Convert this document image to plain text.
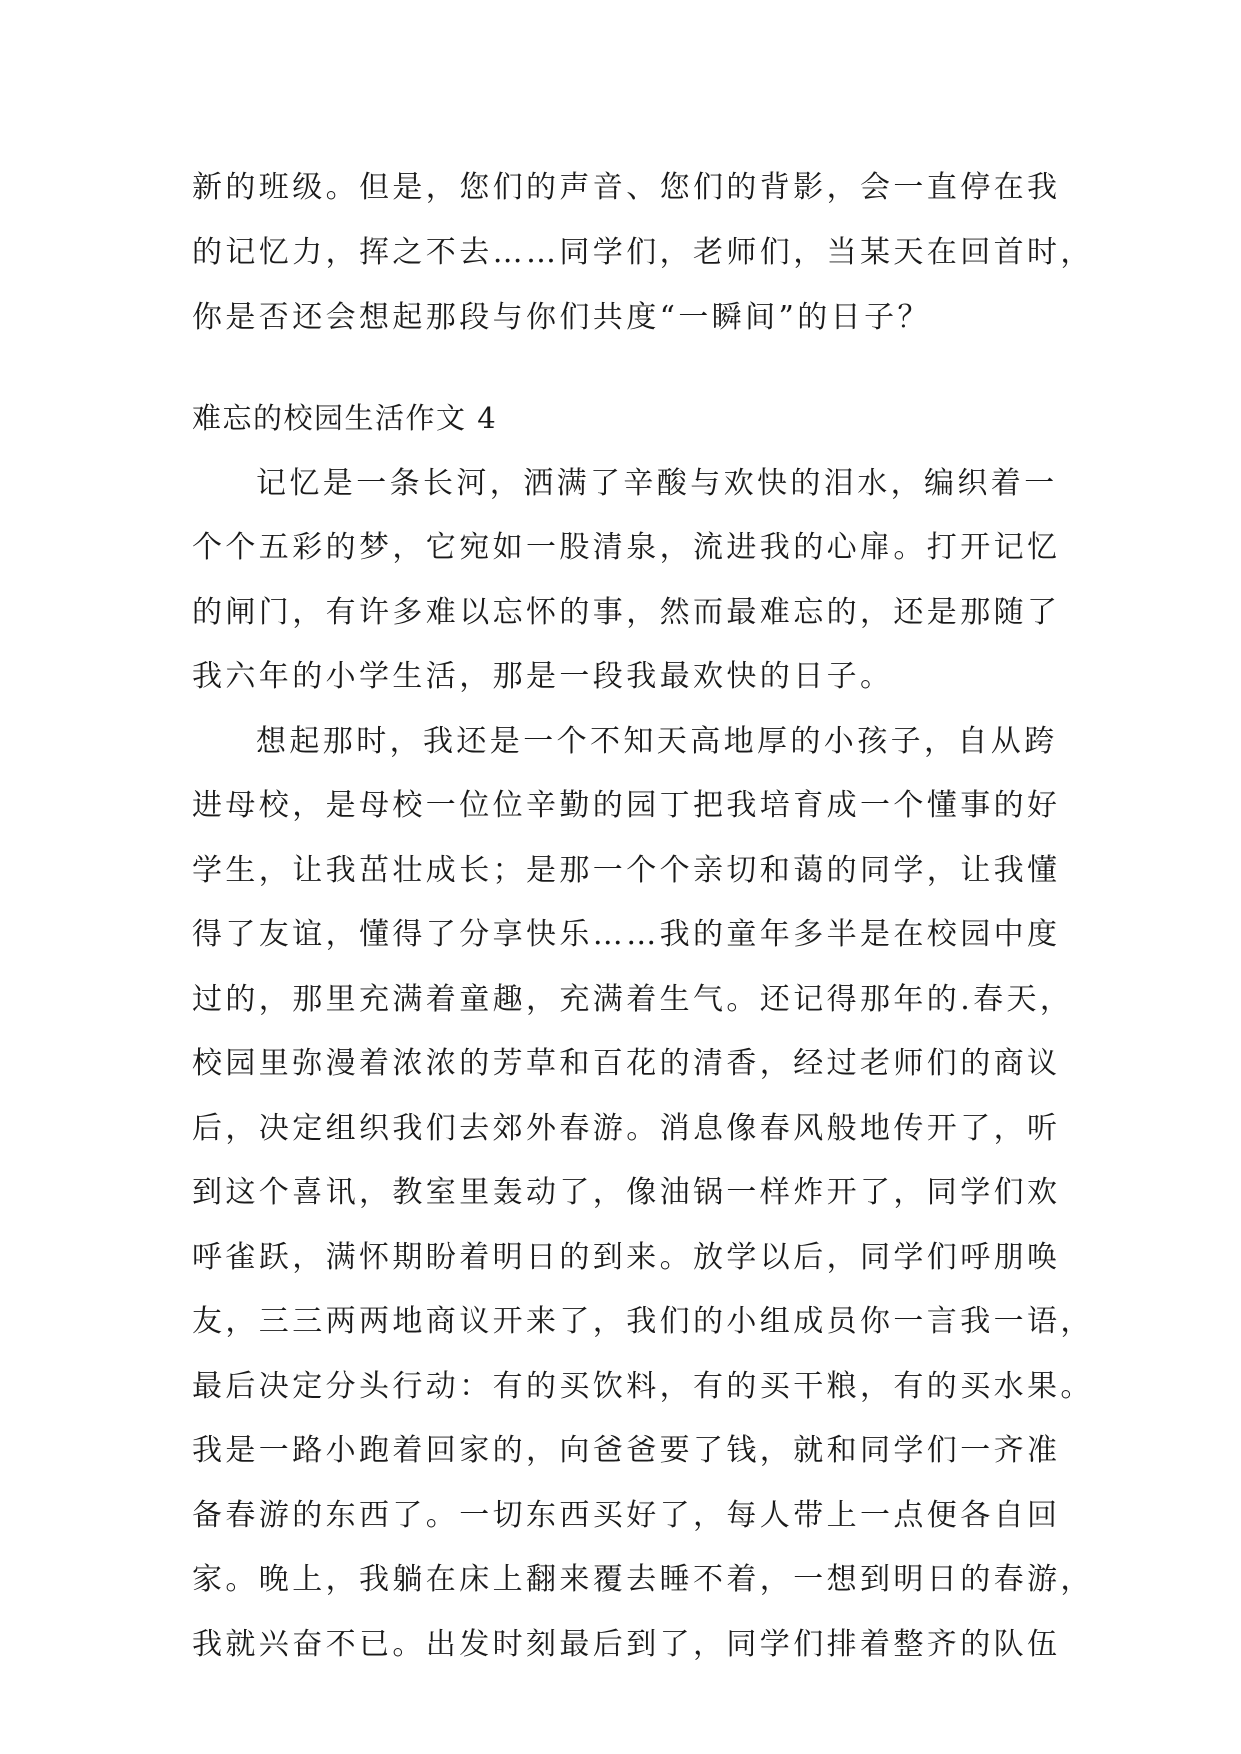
新的班级。但是，您们的声音、您们的背影，会一直停在我
的记忆力，挥之不去……同学们，老师们，当某天在回首时，
你是否还会想起那段与你们共度“一瞬间”的日子？
难忘的校园生活作文 4
记忆是一条长河，洒满了辛酸与欢快的泪水，编织着一
个个五彩的梦，它宛如一股清泉，流进我的心扉。打开记忆
的闸门，有许多难以忘怀的事，然而最难忘的，还是那随了
我六年的小学生活，那是一段我最欢快的日子。
想起那时，我还是一个不知天高地厚的小孩子，自从跨
进母校，是母校一位位辛勤的园丁把我培育成一个懂事的好
学生，让我茁壮成长；是那一个个亲切和蔼的同学，让我懂
得了友谊，懂得了分享快乐……我的童年多半是在校园中度
过的，那里充满着童趣，充满着生气。还记得那年的.春天，
校园里弥漫着浓浓的芳草和百花的清香，经过老师们的商议
后，决定组织我们去郊外春游。消息像春风般地传开了，听
到这个喜讯，教室里轰动了，像油锅一样炸开了，同学们欢
呼雀跃，满怀期盼着明日的到来。放学以后，同学们呼朋唤
友，三三两两地商议开来了，我们的小组成员你一言我一语，
最后决定分头行动：有的买饮料，有的买干粮，有的买水果。
我是一路小跑着回家的，向爸爸要了钱，就和同学们一齐准
备春游的东西了。一切东西买好了，每人带上一点便各自回
家。晚上，我躺在床上翻来覆去睡不着，一想到明日的春游，
我就兴奋不已。出发时刻最后到了，同学们排着整齐的队伍
